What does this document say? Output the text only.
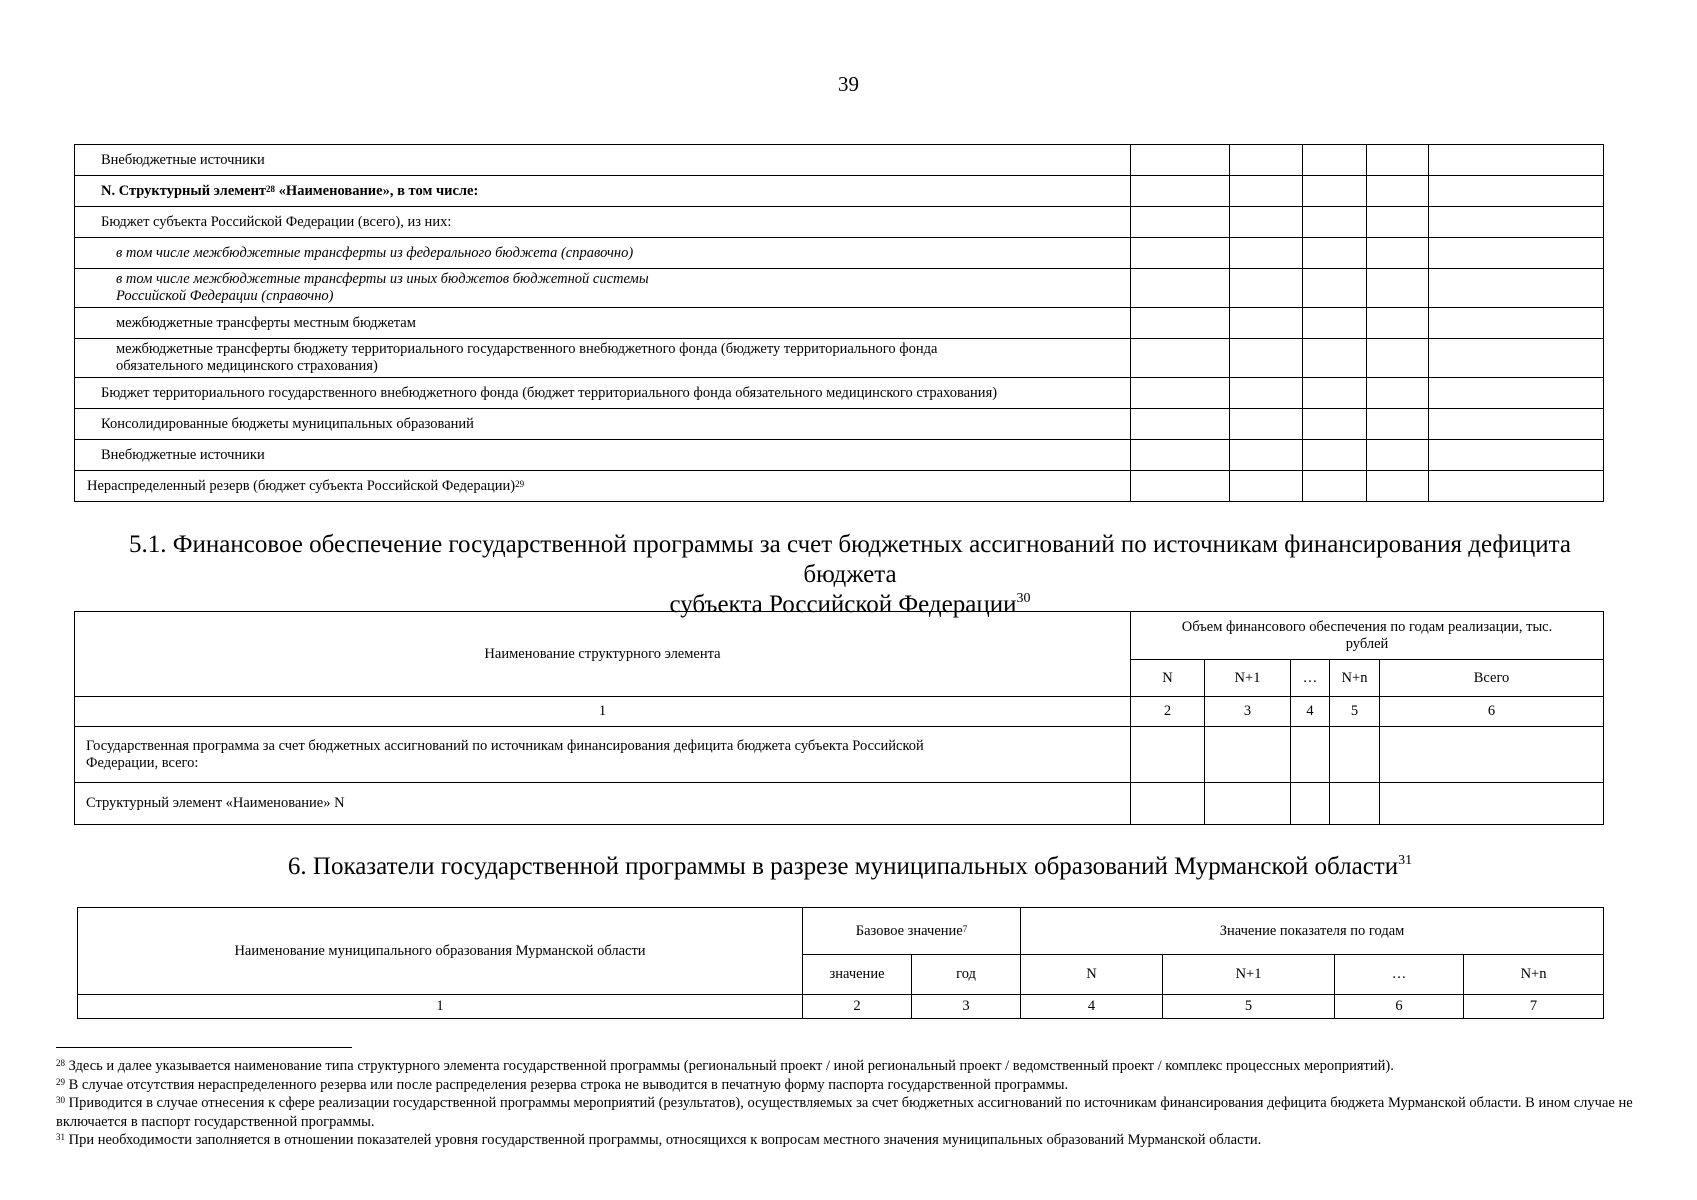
39
Внебюджетные источники					
N. Структурный элемент$^{28}$ «Наименование», в том числе:					
Бюджет субъекта Российской Федерации (всего), из них:					
в том числе межбюджетные трансферты из федерального бюджета (справочно)					
в том числе межбюджетные трансферты из иных бюджетов бюджетной системы
Российской Федерации (справочно)					
межбюджетные трансферты местным бюджетам					
межбюджетные трансферты бюджету территориального государственного внебюджетного фонда (бюджету территориального фонда
обязательного медицинского страхования)					
Бюджет территориального государственного внебюджетного фонда (бюджет территориального фонда обязательного медицинского страхования)					
Консолидированные бюджеты муниципальных образований					
Внебюджетные источники					
Нераспределенный резерв (бюджет субъекта Российской Федерации)$^{29}$					
5.1. Финансовое обеспечение государственной программы за счет бюджетных ассигнований по источникам финансирования дефицита бюджета
субъекта Российской Федерации$^{30}$
Наименование структурного элемента	Объем финансового обеспечения по годам реализации, тыс.
рублей				

	N	N+1	…	N+n	Всего
1	2	3	4	5	6

Государственная программа за счет бюджетных ассигнований по источникам финансирования дефицита бюджета субъекта Российской
Федерации, всего:					

Структурный элемент «Наименование» N					
6. Показатели государственной программы в разрезе муниципальных образований Мурманской области$^{31}$
Наименование муниципального образования Мурманской области	Базовое значение$^7$		Значение показателя по годам			
	значение	год	N	N+1	…	N+n
1	2	3	4	5	6	7

$^{28}$ Здесь и далее указывается наименование типа структурного элемента государственной программы (региональный проект / иной региональный проект / ведомственный проект / комплекс процессных мероприятий).

$^{29}$ В случае отсутствия нераспределенного резерва или после распределения резерва строка не выводится в печатную форму паспорта государственной программы.

$^{30}$ Приводится в случае отнесения к сфере реализации государственной программы мероприятий (результатов), осуществляемых за счет бюджетных ассигнований по источникам финансирования дефицита бюджета Мурманской области. В ином случае не включается в паспорт государственной программы.

$^{31}$ При необходимости заполняется в отношении показателей уровня государственной программы, относящихся к вопросам местного значения муниципальных образований Мурманской области.
